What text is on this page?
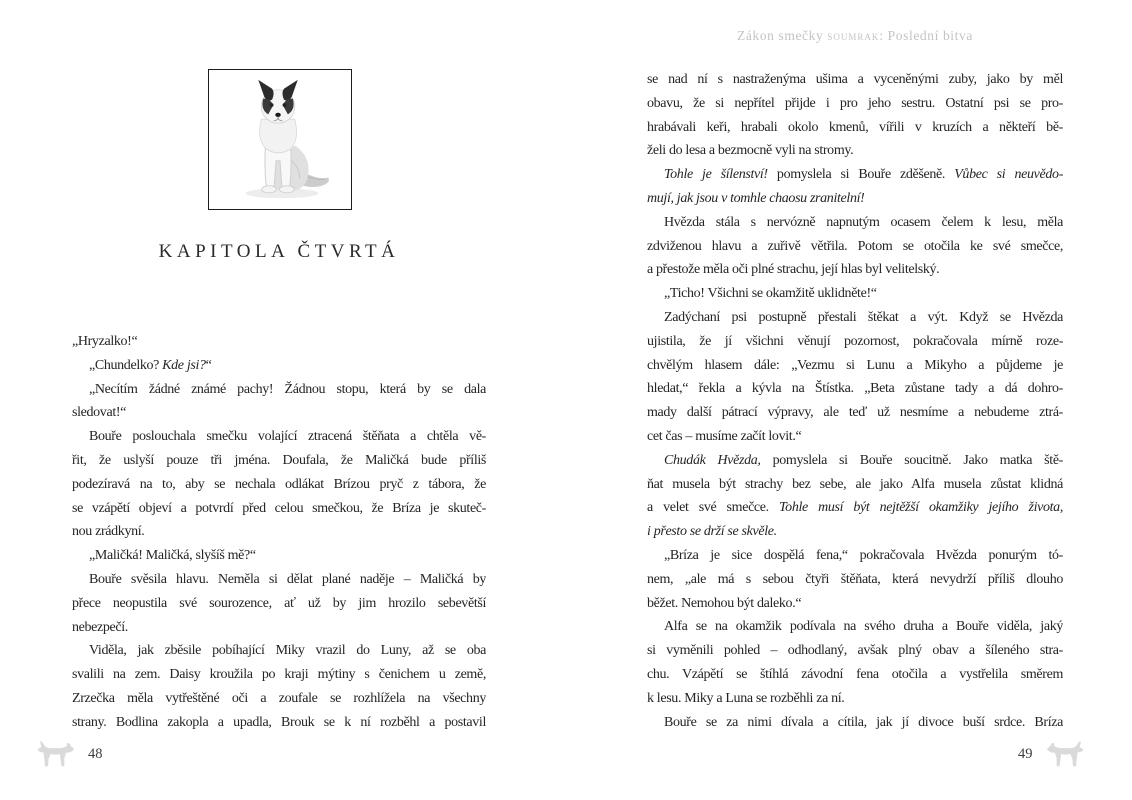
KAPITOLA ČTVRTÁ
„Hryzalko!“
„Chundelko? Kde jsi?“
„Necítím žádné známé pachy! Žádnou stopu, která by se dala
sledovat!“
Bouře poslouchala smečku volající ztracená štěňata a chtěla vě-
řit, že uslyší pouze tři jména. Doufala, že Maličká bude příliš
podezíravá na to, aby se nechala odlákat Brízou pryč z tábora, že
se vzápětí objeví a potvrdí před celou smečkou, že Bríza je skuteč-
nou zrádkyní.
„Maličká! Maličká, slyšíš mě?“
Bouře svěsila hlavu. Neměla si dělat plané naděje – Maličká by
přece neopustila své sourozence, ať už by jim hrozilo sebevětší
nebezpečí.
Viděla, jak zběsile pobíhající Miky vrazil do Luny, až se oba
svalili na zem. Daisy kroužila po kraji mýtiny s čenichem u země,
Zrzečka měla vytřeštěné oči a zoufale se rozhlížela na všechny
strany. Bodlina zakopla a upadla, Brouk se k ní rozběhl a postavil
48
Zákon smečky soumrak: Poslední bitva
se nad ní s nastraženýma ušima a vyceněnými zuby, jako by měl
obavu, že si nepřítel přijde i pro jeho sestru. Ostatní psi se pro-
hrabávali keři, hrabali okolo kmenů, vířili v kruzích a někteří bě-
želi do lesa a bezmocně vyli na stromy.
Tohle je šílenství! pomyslela si Bouře zděšeně. Vůbec si neuvědo-
mují, jak jsou v tomhle chaosu zranitelní!
Hvězda stála s nervózně napnutým ocasem čelem k lesu, měla
zdviženou hlavu a zuřivě větřila. Potom se otočila ke své smečce,
a přestože měla oči plné strachu, její hlas byl velitelský.
„Ticho! Všichni se okamžitě uklidněte!“
Zadýchaní psi postupně přestali štěkat a výt. Když se Hvězda
ujistila, že jí všichni věnují pozornost, pokračovala mírně roze-
chvělým hlasem dále: „Vezmu si Lunu a Mikyho a půjdeme je
hledat,“ řekla a kývla na Štístka. „Beta zůstane tady a dá dohro-
mady další pátrací výpravy, ale teď už nesmíme a nebudeme ztrá-
cet čas – musíme začít lovit.“
Chudák Hvězda, pomyslela si Bouře soucitně. Jako matka ště-
ňat musela být strachy bez sebe, ale jako Alfa musela zůstat klidná
a velet své smečce. Tohle musí být nejtěžší okamžiky jejího života,
i přesto se drží se skvěle.
„Bríza je sice dospělá fena,“ pokračovala Hvězda ponurým tó-
nem, „ale má s sebou čtyři štěňata, která nevydrží příliš dlouho
běžet. Nemohou být daleko.“
Alfa se na okamžik podívala na svého druha a Bouře viděla, jaký
si vyměnili pohled – odhodlaný, avšak plný obav a šíleného stra-
chu. Vzápětí se štíhlá závodní fena otočila a vystřelila směrem
k lesu. Miky a Luna se rozběhli za ní.
Bouře se za nimi dívala a cítila, jak jí divoce buší srdce. Bríza
49
